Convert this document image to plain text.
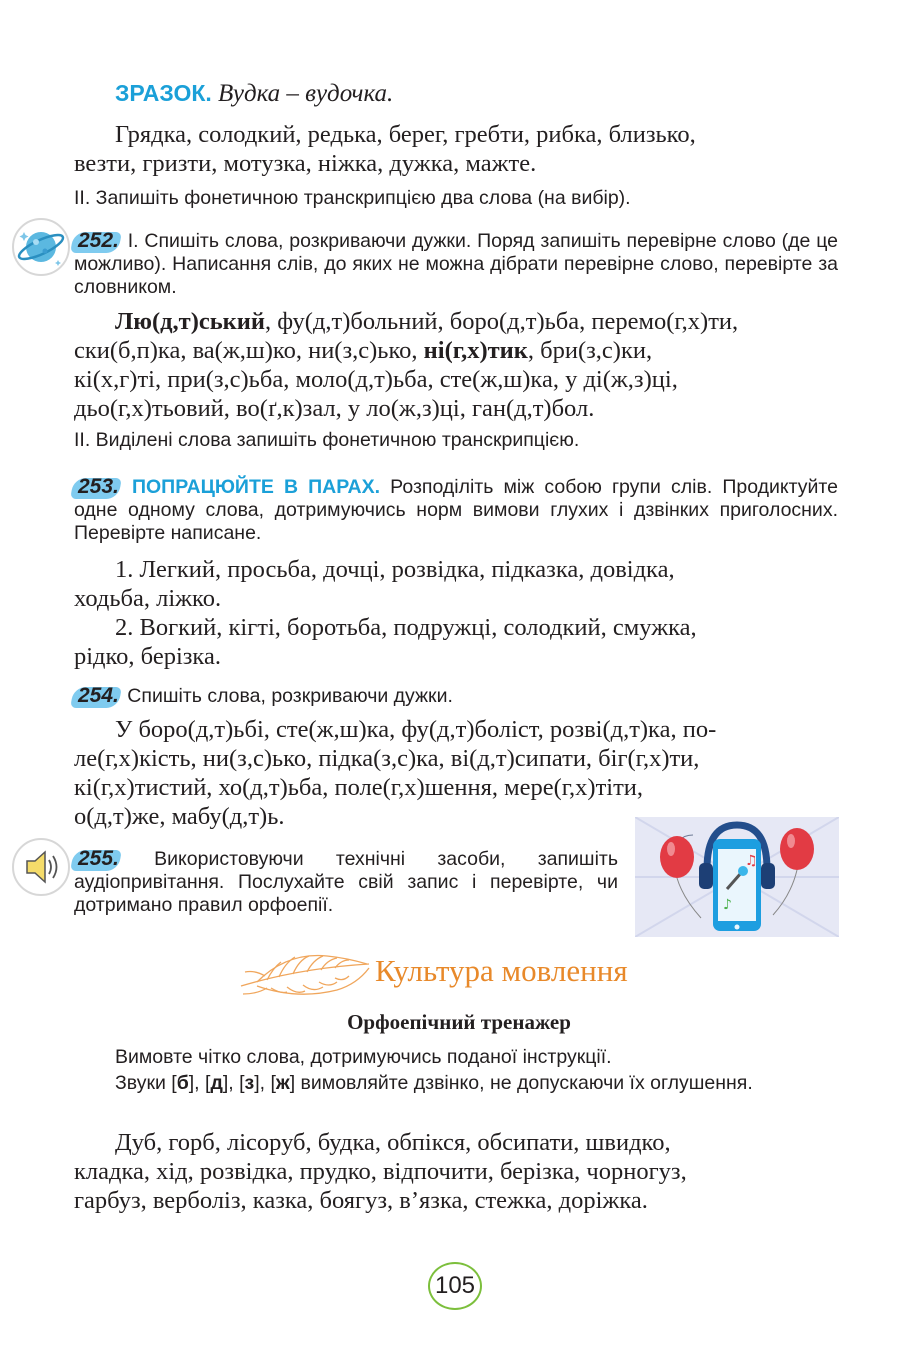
ЗРАЗОК. Вудка – вудочка.

Грядка, солодкий, редька, берег, гребти, рибка, близько,

везти, гризти, мотузка, ніжка, дужка, мажте.

ІІ. Запишіть фонетичною транскрипцією два слова (на вибір).
252. І. Спишіть слова, розкриваючи дужки. Поряд запишіть перевірне слово (де це можливо). Написання слів, до яких не можна дібрати перевірне слово, перевірте за словником.

Лю(д,т)ський, фу(д,т)больний, боро(д,т)ьба, перемо(г,х)ти,

ски(б,п)ка, ва(ж,ш)ко, ни(з,с)ько, ні(г,х)тик, бри(з,с)ки,

кі(х,г)ті, при(з,с)ьба, моло(д,т)ьба, сте(ж,ш)ка, у ді(ж,з)ці,

дьо(г,х)тьовий, во(ґ,к)зал, у ло(ж,з)ці, ган(д,т)бол.

ІІ. Виділені слова запишіть фонетичною транскрипцією.
253. ПОПРАЦЮЙТЕ В ПАРАХ. Розподіліть між собою групи слів. Продиктуйте одне одному слова, дотримуючись норм вимови глухих і дзвінких приголосних. Перевірте написане.

1. Легкий, просьба, дочці, розвідка, підказка, довідка,

ходьба, ліжко.

2. Вогкий, кігті, боротьба, подружці, солодкий, смужка,

рідко, берізка.

254. Спишіть слова, розкриваючи дужки.

У боро(д,т)ьбі, сте(ж,ш)ка, фу(д,т)боліст, розві(д,т)ка, по-

ле(г,х)кість, ни(з,с)ько, підка(з,с)ка, ві(д,т)сипати, біг(г,х)ти,

кі(г,х)тистий, хо(д,т)ьба, поле(г,х)шення, мере(г,х)тіти,

о(д,т)же, мабу(д,т)ь.

255. Використовуючи технічні засоби, запишіть аудіопривітання. Послухайте свій запис і перевірте, чи дотримано правил орфоепії.
♫
♪
Культура мовлення
Орфоепічний тренажер
Вимовте чітко слова, дотримуючись поданої інструкції.
Звуки [б], [д], [з], [ж] вимовляйте дзвінко, не допускаючи їх оглушення.

Дуб, горб, лісоруб, будка, обпікся, обсипати, швидко,

кладка, хід, розвідка, прудко, відпочити, берізка, чорногуз,

гарбуз, верболіз, казка, боягуз, в’язка, стежка, доріжка.

105
